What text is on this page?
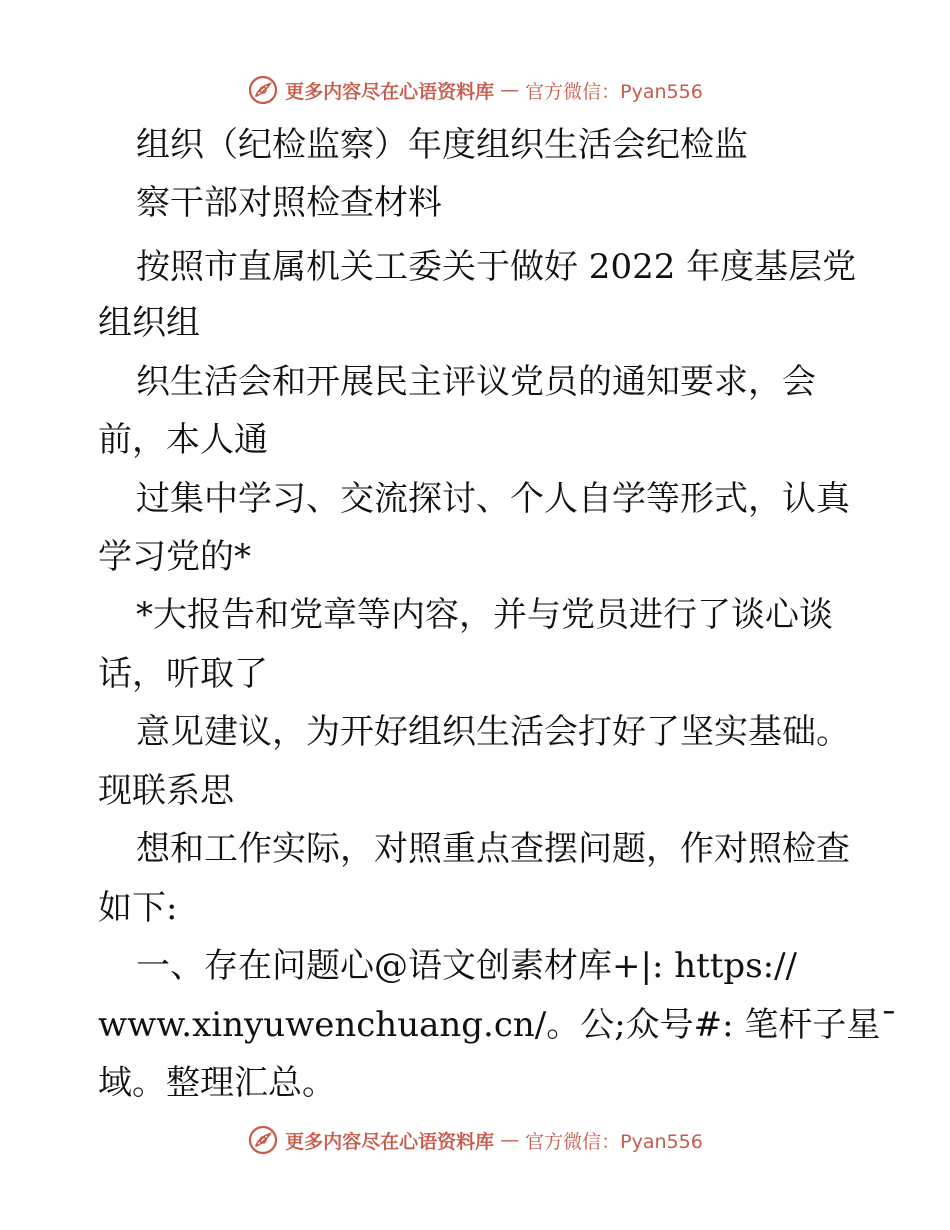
更多内容尽在心语资料库 — 官方微信：Pyan556
组织（纪检监察）年度组织生活会纪检监
察干部对照检查材料
按照市直属机关工委关于做好 2022 年度基层党
组织组
织生活会和开展民主评议党员的通知要求，会
前，本人通
过集中学习、交流探讨、个人自学等形式，认真
学习党的*
*大报告和党章等内容，并与党员进行了谈心谈
话，听取了
意见建议，为开好组织生活会打好了坚实基础。
现联系思
想和工作实际，对照重点查摆问题，作对照检查
如下:
一、存在问题心@语文创素材库+|: https://
www.xinyuwenchuang.cn/。公;众号#: 笔杆子星¯
域。整理汇总。
更多内容尽在心语资料库 — 官方微信：Pyan556
